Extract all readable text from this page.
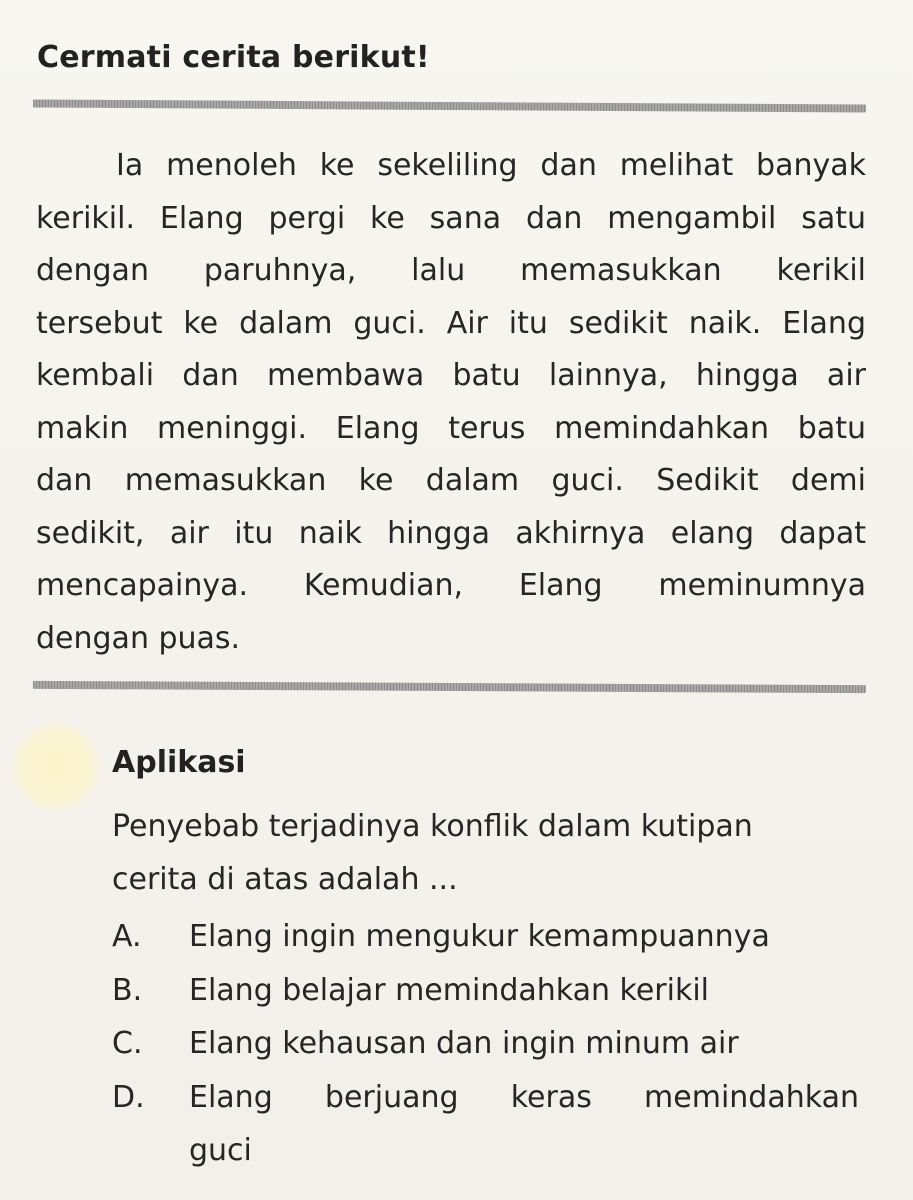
Cermati cerita berikut!
Ia menoleh ke sekeliling dan melihat banyak
kerikil. Elang pergi ke sana dan mengambil satu
dengan paruhnya, lalu memasukkan kerikil
tersebut ke dalam guci. Air itu sedikit naik. Elang
kembali dan membawa batu lainnya, hingga air
makin meninggi. Elang terus memindahkan batu
dan memasukkan ke dalam guci. Sedikit demi
sedikit, air itu naik hingga akhirnya elang dapat
mencapainya. Kemudian, Elang meminumnya
dengan puas.
Aplikasi
Penyebab terjadinya konflik dalam kutipan
cerita di atas adalah ...
A. Elang ingin mengukur kemampuannya
B. Elang belajar memindahkan kerikil
C. Elang kehausan dan ingin minum air
D. Elang berjuang keras memindahkan
guci
